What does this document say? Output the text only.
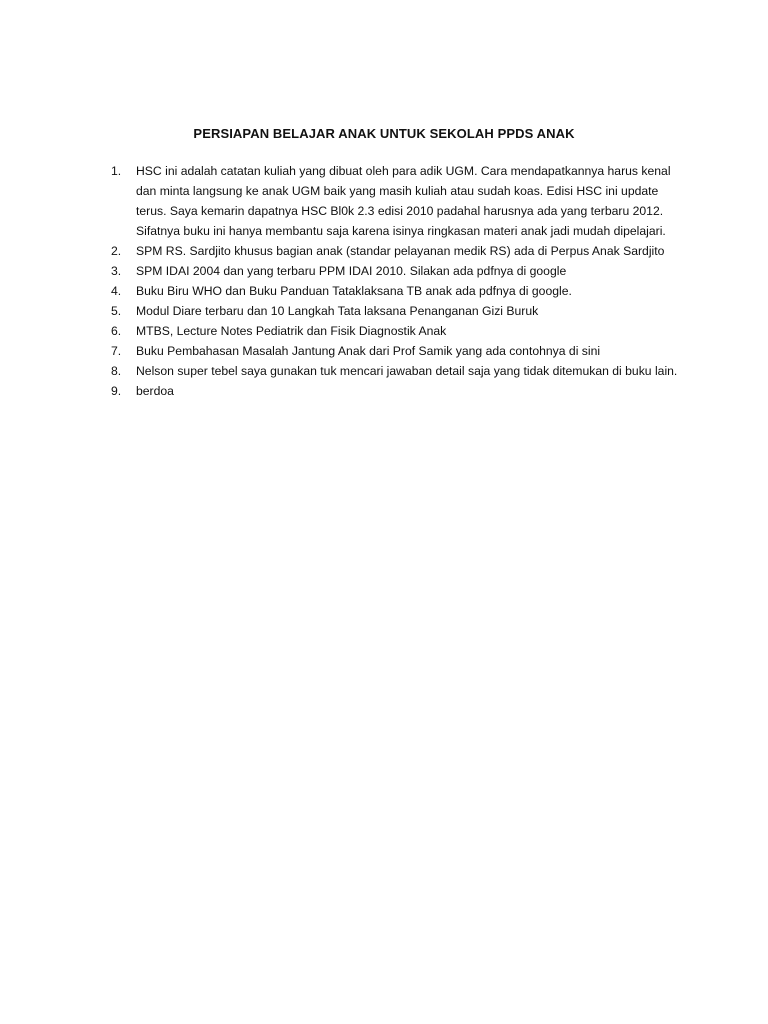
PERSIAPAN BELAJAR ANAK UNTUK SEKOLAH PPDS ANAK
1.	HSC ini adalah catatan kuliah yang dibuat oleh para adik UGM. Cara mendapatkannya harus kenal dan minta langsung ke anak UGM baik yang masih kuliah atau sudah koas. Edisi HSC ini update terus. Saya kemarin dapatnya HSC Bl0k 2.3 edisi 2010 padahal harusnya ada yang terbaru 2012. Sifatnya buku ini hanya membantu saja karena isinya ringkasan materi anak jadi mudah dipelajari.
2.	SPM RS. Sardjito khusus bagian anak (standar pelayanan medik RS) ada di Perpus Anak Sardjito
3.	SPM IDAI 2004 dan yang terbaru PPM IDAI 2010. Silakan ada pdfnya di google
4.	Buku Biru WHO dan Buku Panduan Tataklaksana TB anak ada pdfnya di google.
5.	Modul Diare terbaru dan 10 Langkah Tata laksana Penanganan Gizi Buruk
6.	MTBS, Lecture Notes Pediatrik dan Fisik Diagnostik Anak
7.	Buku Pembahasan Masalah Jantung Anak dari Prof Samik yang ada contohnya di sini
8.	Nelson super tebel saya gunakan tuk mencari jawaban detail saja yang tidak ditemukan di buku lain.
9.	berdoa
